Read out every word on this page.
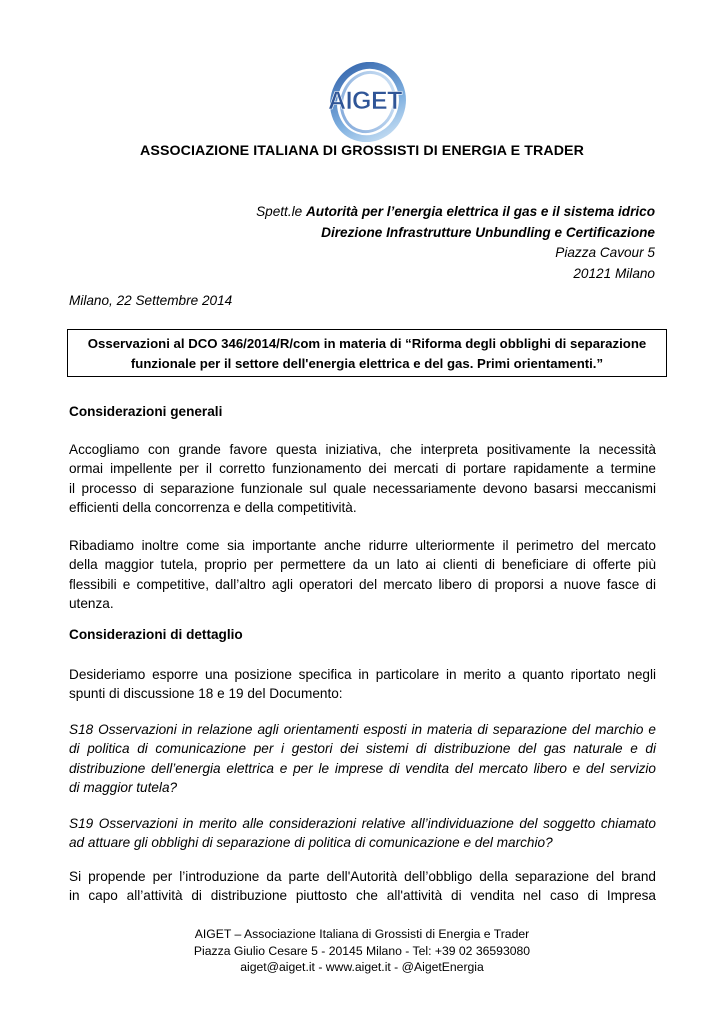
AIGET
ASSOCIAZIONE ITALIANA DI GROSSISTI DI ENERGIA E TRADER
Spett.le Autorità per l’energia elettrica il gas e il sistema idrico
Direzione Infrastrutture Unbundling e Certificazione
Piazza Cavour 5
20121 Milano
Milano, 22 Settembre 2014
Osservazioni al DCO 346/2014/R/com in materia di “Riforma degli obblighi di separazione
funzionale per il settore dell'energia elettrica e del gas. Primi orientamenti.”
Considerazioni generali
Accogliamo con grande favore questa iniziativa, che interpreta positivamente la necessità
ormai impellente per il corretto funzionamento dei mercati di portare rapidamente a termine
il processo di separazione funzionale sul quale necessariamente devono basarsi meccanismi
efficienti della concorrenza e della competitività.
Ribadiamo inoltre come sia importante anche ridurre ulteriormente il perimetro del mercato
della maggior tutela, proprio per permettere da un lato ai clienti di beneficiare di offerte più
flessibili e competitive, dall’altro agli operatori del mercato libero di proporsi a nuove fasce di
utenza.
Considerazioni di dettaglio
Desideriamo esporre una posizione specifica in particolare in merito a quanto riportato negli
spunti di discussione 18 e 19 del Documento:
S18 Osservazioni in relazione agli orientamenti esposti in materia di separazione del marchio e
di politica di comunicazione per i gestori dei sistemi di distribuzione del gas naturale e di
distribuzione dell’energia elettrica e per le imprese di vendita del mercato libero e del servizio
di maggior tutela?
S19 Osservazioni in merito alle considerazioni relative all’individuazione del soggetto chiamato
ad attuare gli obblighi di separazione di politica di comunicazione e del marchio?
Si propende per l’introduzione da parte dell'Autorità dell’obbligo della separazione del brand
in capo all’attività di distribuzione piuttosto che all'attività di vendita nel caso di Impresa
AIGET – Associazione Italiana di Grossisti di Energia e Trader
Piazza Giulio Cesare 5 - 20145 Milano - Tel: +39 02 36593080
aiget@aiget.it - www.aiget.it - @AigetEnergia
